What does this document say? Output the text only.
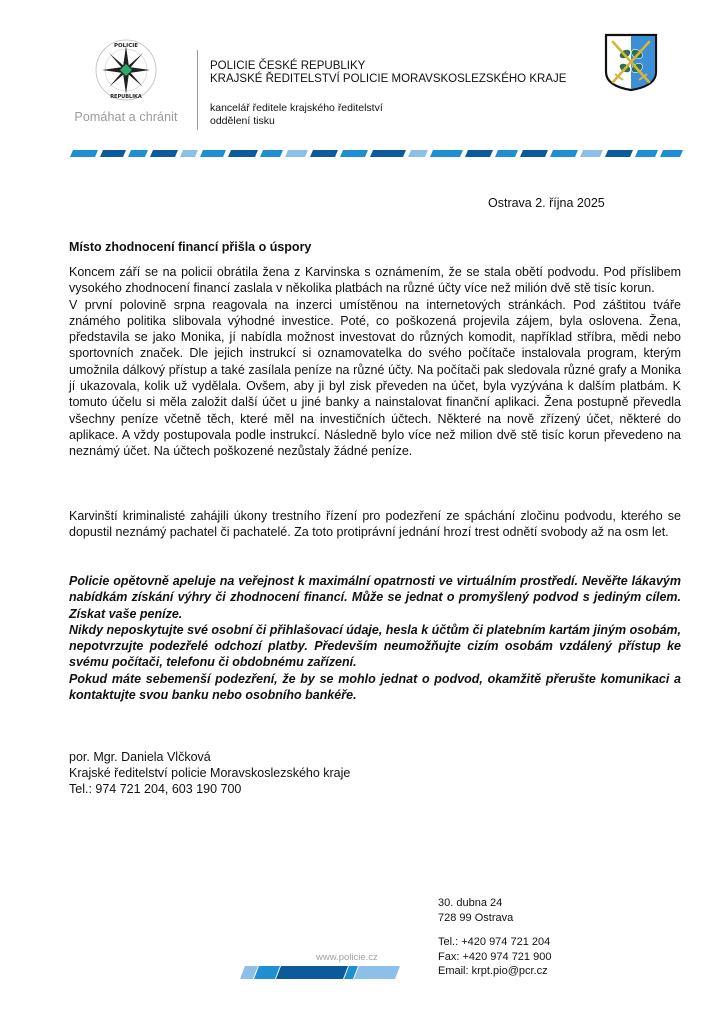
POLICIE
REPUBLIKA
Pomáhat a chránit
POLICIE ČESKÉ REPUBLIKY
KRAJSKÉ ŘEDITELSTVÍ POLICIE MORAVSKOSLEZSKÉHO KRAJE
kancelář ředitele krajského ředitelství
oddělení tisku
Ostrava 2. října 2025
Místo zhodnocení financí přišla o úspory

Koncem září se na policii obrátila žena z Karvinska s oznámením, že se stala obětí podvodu. Pod příslibem vysokého zhodnocení financí zaslala v několika platbách na různé účty více než milión dvě stě tisíc korun.

V první polovině srpna reagovala na inzerci umístěnou na internetových stránkách. Pod záštitou tváře známého politika slibovala výhodné investice. Poté, co poškozená projevila zájem, byla oslovena. Žena, představila se jako Monika, jí nabídla možnost investovat do různých komodit, například stříbra, mědi nebo sportovních značek. Dle jejich instrukcí si oznamovatelka do svého počítače instalovala program, kterým umožnila dálkový přístup a také zasílala peníze na různé účty. Na počítači pak sledovala různé grafy a Monika jí ukazovala, kolik už vydělala. Ovšem, aby ji byl zisk převeden na účet, byla vyzývána k dalším platbám. K tomuto účelu si měla založit další účet u jiné banky a nainstalovat finanční aplikaci. Žena postupně převedla všechny peníze včetně těch, které měl na investičních účtech. Některé na nově zřízený účet, některé do aplikace. A vždy postupovala podle instrukcí. Následně bylo více než milion dvě stě tisíc korun převedeno na neznámý účet. Na účtech poškozené nezůstaly žádné peníze.

Karvinští kriminalisté zahájili úkony trestního řízení pro podezření ze spáchání zločinu podvodu, kterého se dopustil neznámý pachatel či pachatelé. Za toto protiprávní jednání hrozí trest odnětí svobody až na osm let.

Policie opětovně apeluje na veřejnost k maximální opatrnosti ve virtuálním prostředí. Nevěřte lákavým nabídkám získání výhry či zhodnocení financí. Může se jednat o promyšlený podvod s jediným cílem. Získat vaše peníze.

Nikdy neposkytujte své osobní či přihlašovací údaje, hesla k účtům či platebním kartám jiným osobám, nepotvrzujte podezřelé odchozí platby. Především neumožňujte cizím osobám vzdálený přístup ke svému počítači, telefonu či obdobnému zařízení.

Pokud máte sebemenší podezření, že by se mohlo jednat o podvod, okamžitě přerušte komunikaci a kontaktujte svou banku nebo osobního bankéře.

por. Mgr. Daniela Vlčková
Krajské ředitelství policie Moravskoslezského kraje
Tel.: 974 721 204, 603 190 700
www.policie.cz
30. dubna 24
728 99 Ostrava
Tel.: +420 974 721 204
Fax: +420 974 721 900
Email: krpt.pio@pcr.cz
